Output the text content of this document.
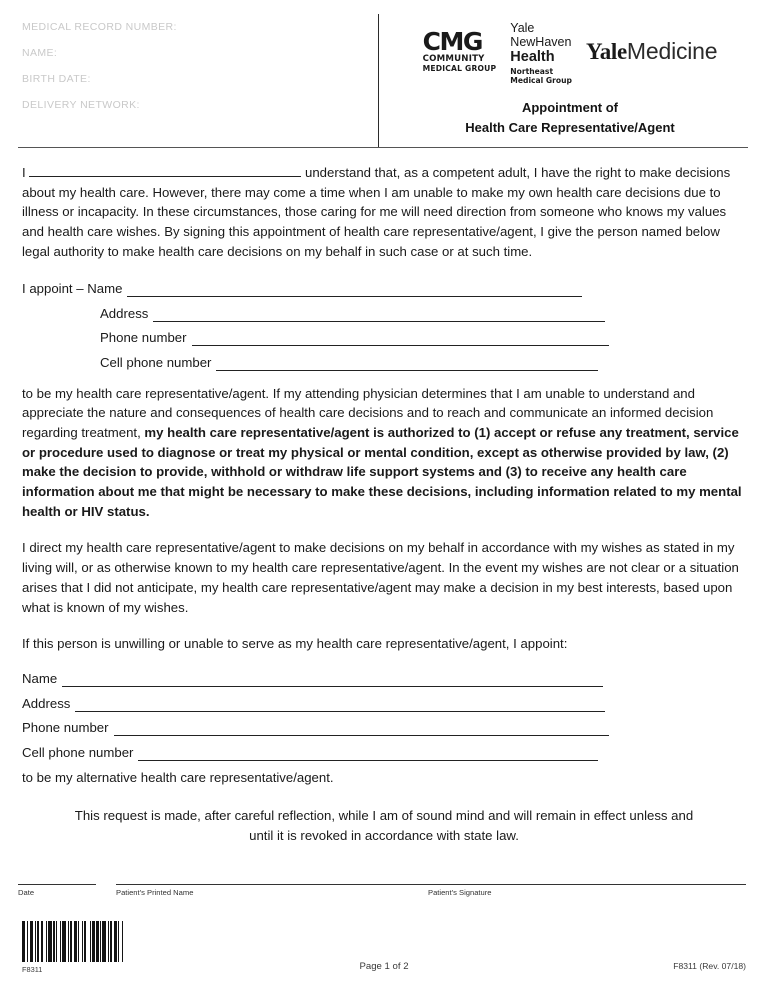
MEDICAL RECORD NUMBER:
NAME:
BIRTH DATE:
DELIVERY NETWORK:
CMG
COMMUNITY
MEDICAL GROUP
Yale
NewHaven
Health
Northeast
Medical Group
YaleMedicine
Appointment of
Health Care Representative/Agent

I	understand that, as a competent adult, I have the right to make decisions about my health care. However, there may come a time when I am unable to make my own health care decisions due to illness or incapacity. In these circumstances, those caring for me will need direction from someone who knows my values and health care wishes. By signing this appointment of health care representative/agent, I give the person named below legal authority to make health care decisions on my behalf in such case or at such time.

I appoint – Name
Address
Phone number
Cell phone number

to be my health care representative/agent. If my attending physician determines that I am unable to understand and appreciate the nature and consequences of health care decisions and to reach and communicate an informed decision regarding treatment, my health care representative/agent is authorized to (1) accept or refuse any treatment, service or procedure used to diagnose or treat my physical or mental condition, except as otherwise provided by law, (2) make the decision to provide, withhold or withdraw life support systems and (3) to receive any health care information about me that might be necessary to make these decisions, including information related to my mental health or HIV status.

I direct my health care representative/agent to make decisions on my behalf in accordance with my wishes as stated in my living will, or as otherwise known to my health care representative/agent. In the event my wishes are not clear or a situation arises that I did not anticipate, my health care representative/agent may make a decision in my best interests, based upon what is known of my wishes.

If this person is unwilling or unable to serve as my health care representative/agent, I appoint:

Name
Address
Phone number
Cell phone number

to be my alternative health care representative/agent.

This request is made, after careful reflection, while I am of sound mind and will remain in effect unless and
until it is revoked in accordance with state law.
Date	Patient's Printed Name	Patient's Signature
F8311	Page 1 of 2	F8311 (Rev. 07/18)
